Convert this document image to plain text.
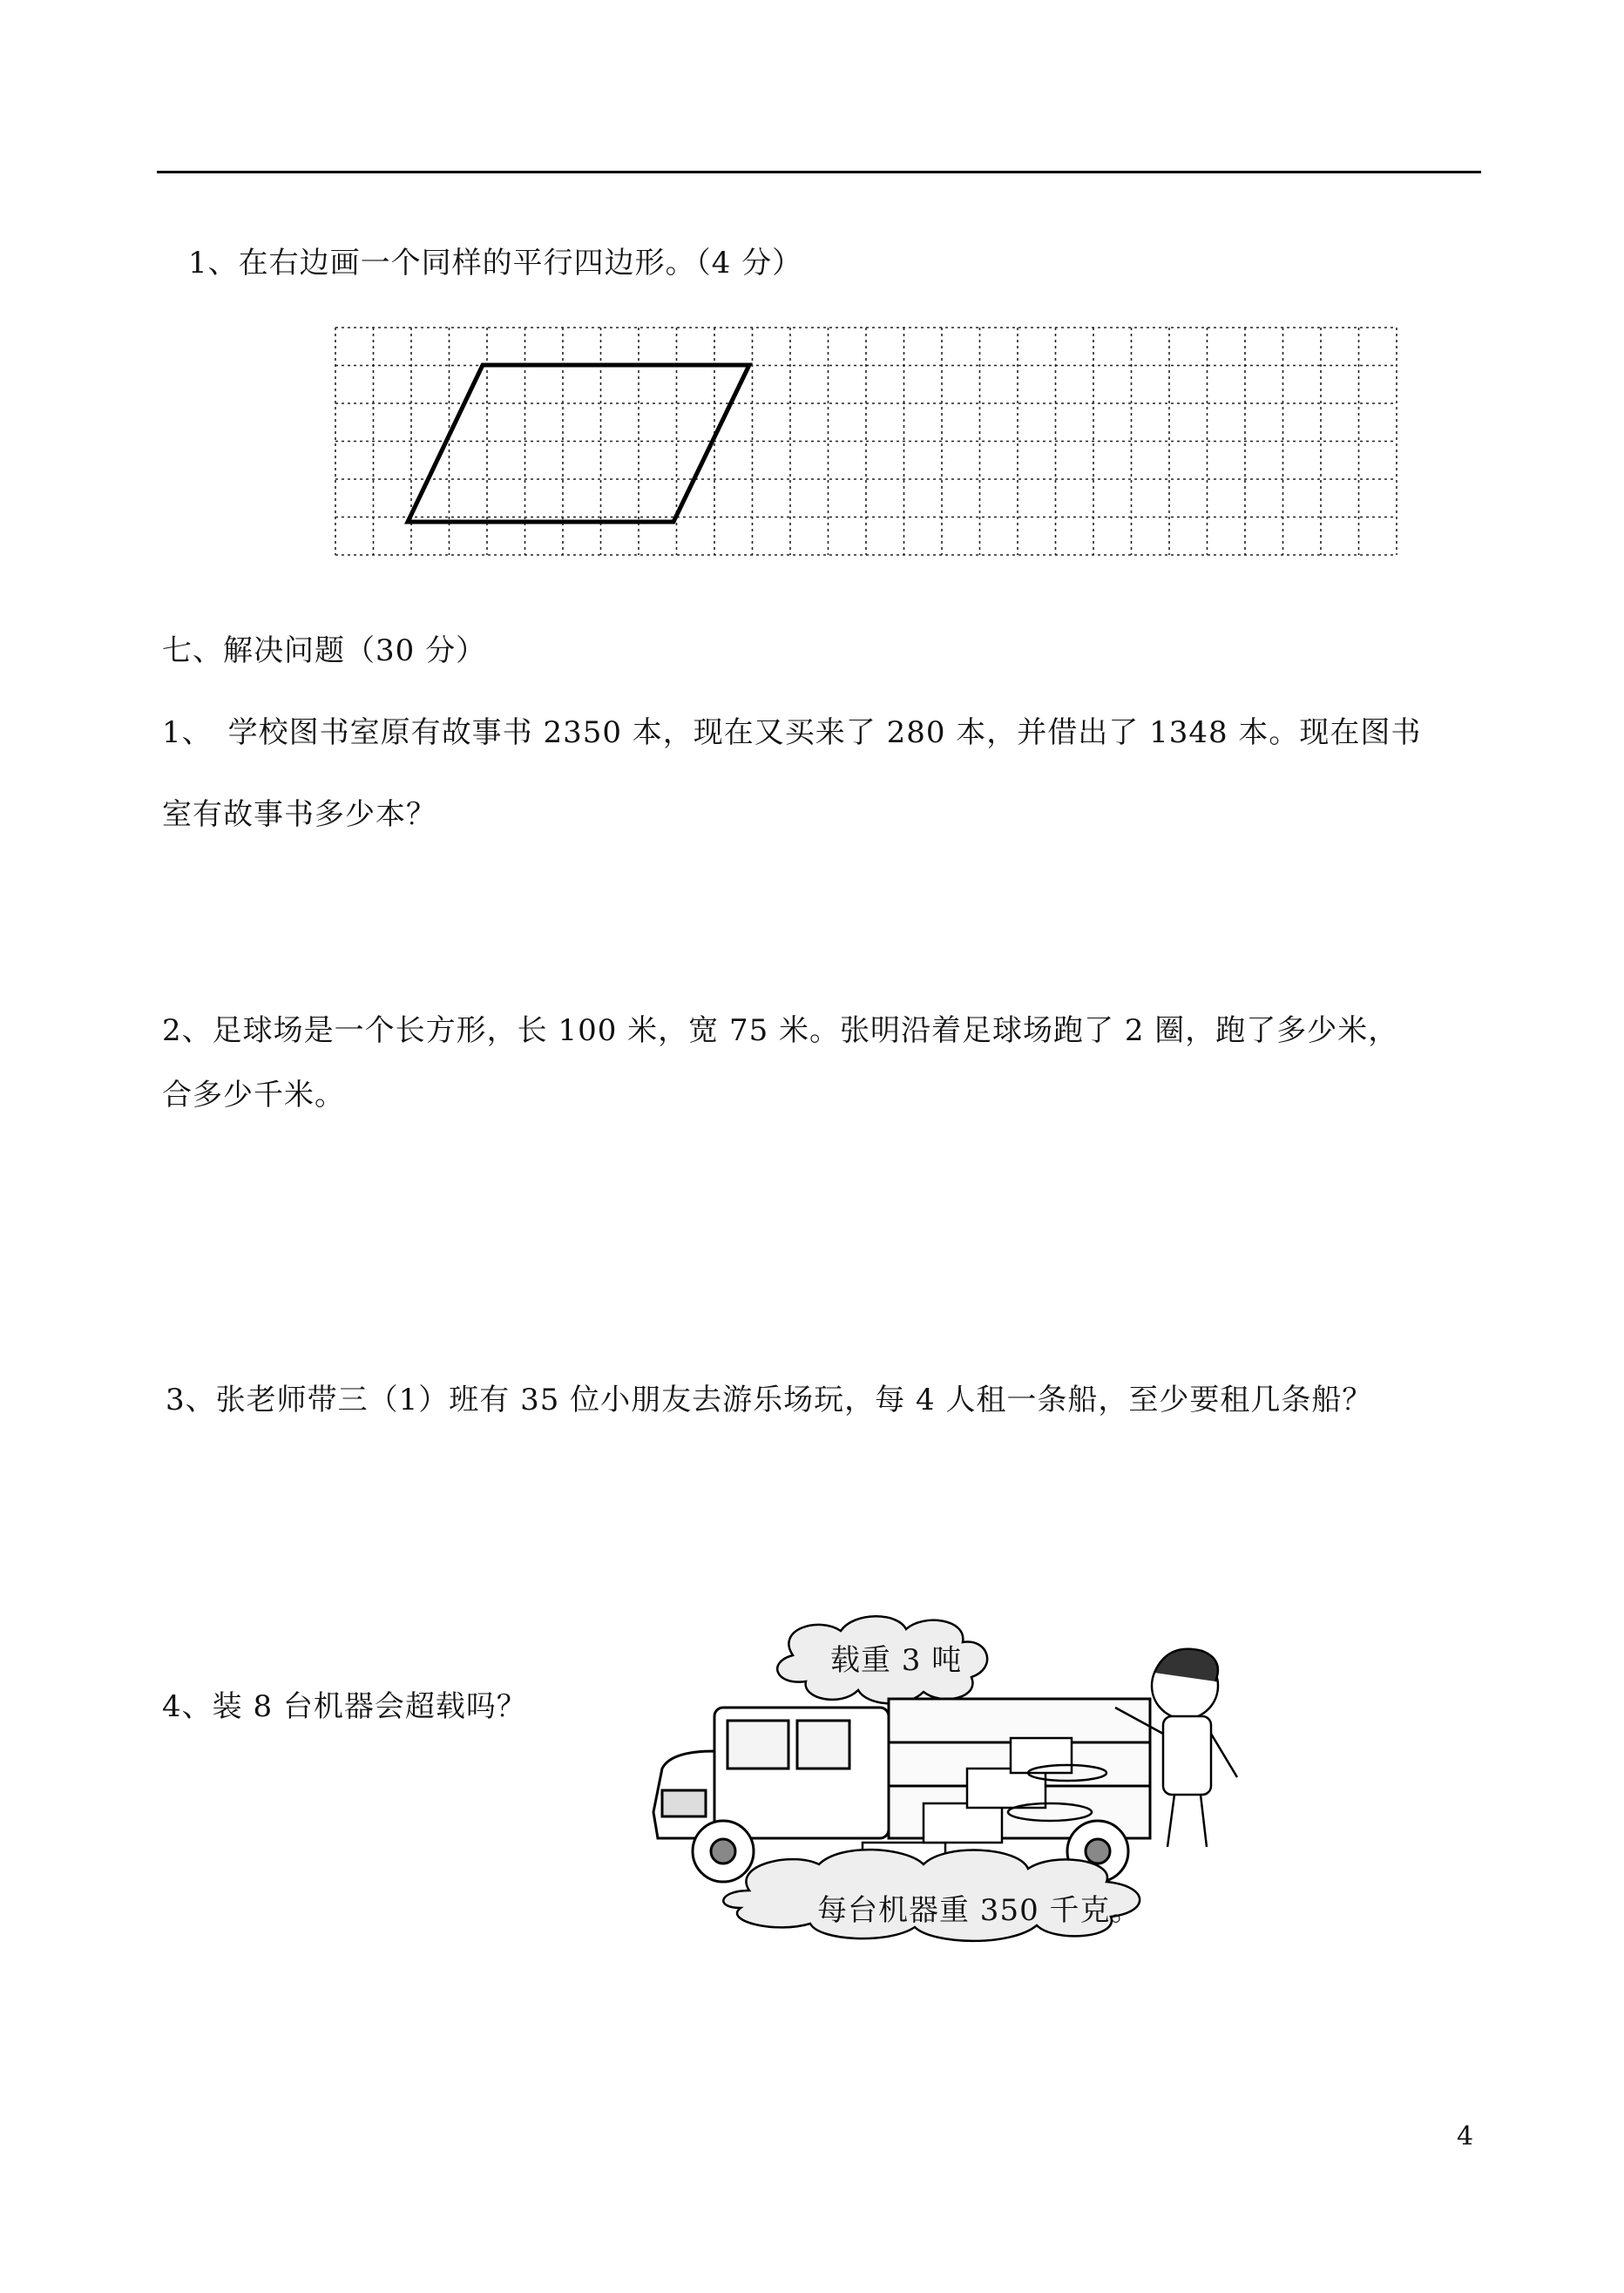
1、在右边画一个同样的平行四边形。（4 分）
七、解决问题（30 分）
1、　学校图书室原有故事书 2350 本，现在又买来了 280 本，并借出了 1348 本。现在图书
室有故事书多少本？
2、足球场是一个长方形，长 100 米，宽 75 米。张明沿着足球场跑了 2 圈，跑了多少米，
合多少千米。
3、张老师带三（1）班有 35 位小朋友去游乐场玩，每 4 人租一条船，至少要租几条船？
4、装 8 台机器会超载吗？
载重 3 吨
每台机器重 350 千克。
4
